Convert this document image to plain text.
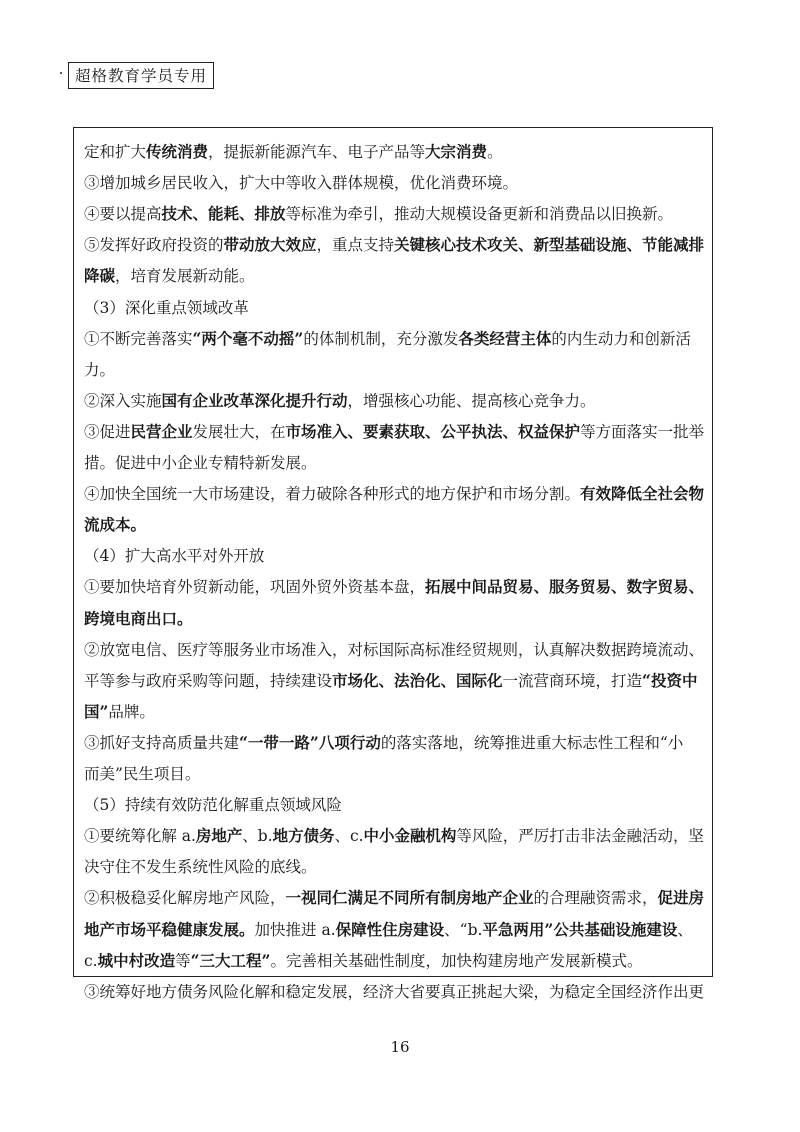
超格教育学员专用
定和扩大传统消费，提振新能源汽车、电子产品等大宗消费。
③增加城乡居民收入，扩大中等收入群体规模，优化消费环境。
④要以提高技术、能耗、排放等标准为牵引，推动大规模设备更新和消费品以旧换新。
⑤发挥好政府投资的带动放大效应，重点支持关键核心技术攻关、新型基础设施、节能减排
降碳，培育发展新动能。
（3）深化重点领域改革
①不断完善落实“两个毫不动摇”的体制机制，充分激发各类经营主体的内生动力和创新活
力。
②深入实施国有企业改革深化提升行动，增强核心功能、提高核心竞争力。
③促进民营企业发展壮大，在市场准入、要素获取、公平执法、权益保护等方面落实一批举
措。促进中小企业专精特新发展。
④加快全国统一大市场建设，着力破除各种形式的地方保护和市场分割。有效降低全社会物
流成本。
（4）扩大高水平对外开放
①要加快培育外贸新动能，巩固外贸外资基本盘，拓展中间品贸易、服务贸易、数字贸易、
跨境电商出口。
②放宽电信、医疗等服务业市场准入，对标国际高标准经贸规则，认真解决数据跨境流动、
平等参与政府采购等问题，持续建设市场化、法治化、国际化一流营商环境，打造“投资中
国”品牌。
③抓好支持高质量共建“一带一路”八项行动的落实落地，统筹推进重大标志性工程和“小
而美”民生项目。
（5）持续有效防范化解重点领域风险
①要统筹化解 a.房地产、b.地方债务、c.中小金融机构等风险，严厉打击非法金融活动，坚
决守住不发生系统性风险的底线。
②积极稳妥化解房地产风险，一视同仁满足不同所有制房地产企业的合理融资需求，促进房
地产市场平稳健康发展。加快推进 a.保障性住房建设、“b.平急两用”公共基础设施建设、
c.城中村改造等“三大工程”。完善相关基础性制度，加快构建房地产发展新模式。
③统筹好地方债务风险化解和稳定发展，经济大省要真正挑起大梁，为稳定全国经济作出更
16
